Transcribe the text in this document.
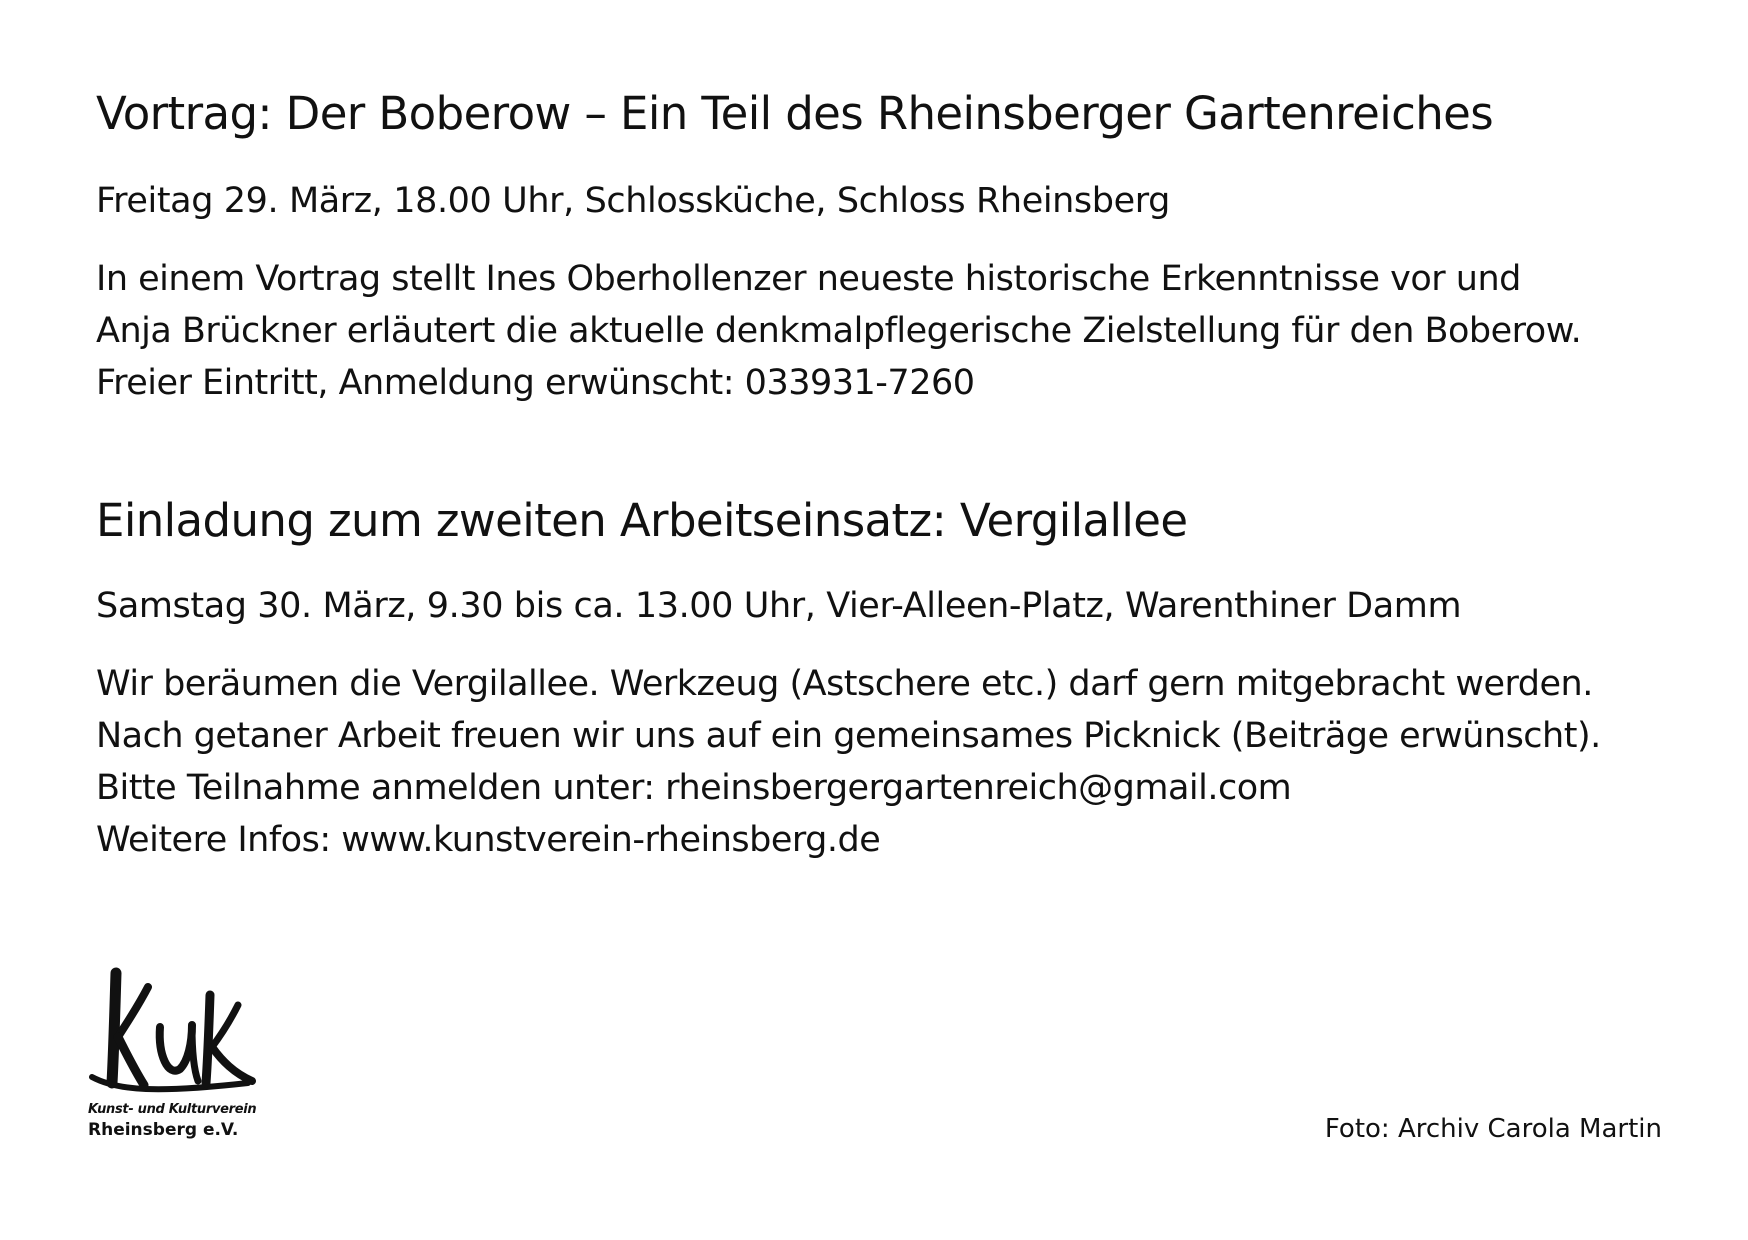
Vortrag: Der Boberow – Ein Teil des Rheinsberger Gartenreiches

Freitag 29. März, 18.00 Uhr, Schlossküche, Schloss Rheinsberg

In einem Vortrag stellt Ines Oberhollenzer neueste historische Erkenntnisse vor und
Anja Brückner erläutert die aktuelle denkmalpflegerische Zielstellung für den Boberow.
Freier Eintritt, Anmeldung erwünscht: 033931-7260

Einladung zum zweiten Arbeitseinsatz: Vergilallee

Samstag 30. März, 9.30 bis ca. 13.00 Uhr, Vier-Alleen-Platz, Warenthiner Damm

Wir beräumen die Vergilallee. Werkzeug (Astschere etc.) darf gern mitgebracht werden.
Nach getaner Arbeit freuen wir uns auf ein gemeinsames Picknick (Beiträge erwünscht).
Bitte Teilnahme anmelden unter: rheinsbergergartenreich@gmail.com
Weitere Infos: www.kunstverein-rheinsberg.de

Kunst- und Kulturverein
Rheinsberg e.V.	Foto: Archiv Carola Martin
